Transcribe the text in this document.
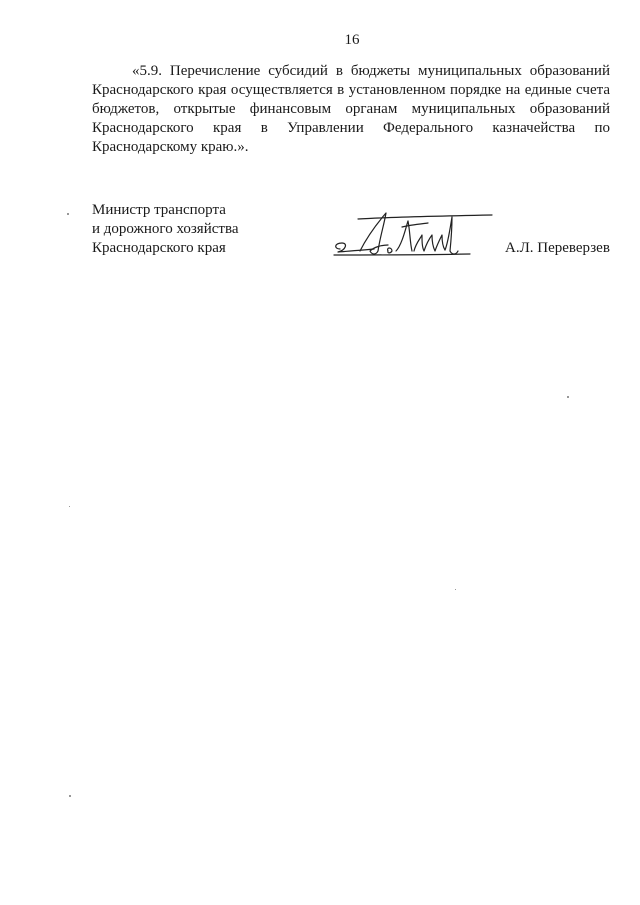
16

«5.9. Перечисление субсидий в бюджеты муниципальных образований Краснодарского края осуществляется в установленном порядке на единые счета бюджетов, открытые финансовым органам муниципальных образований Краснодарского края в Управлении Федерального казначейства по Краснодарскому краю.».

Министр транспорта
и дорожного хозяйства
Краснодарского края	А.Л. Переверзев
